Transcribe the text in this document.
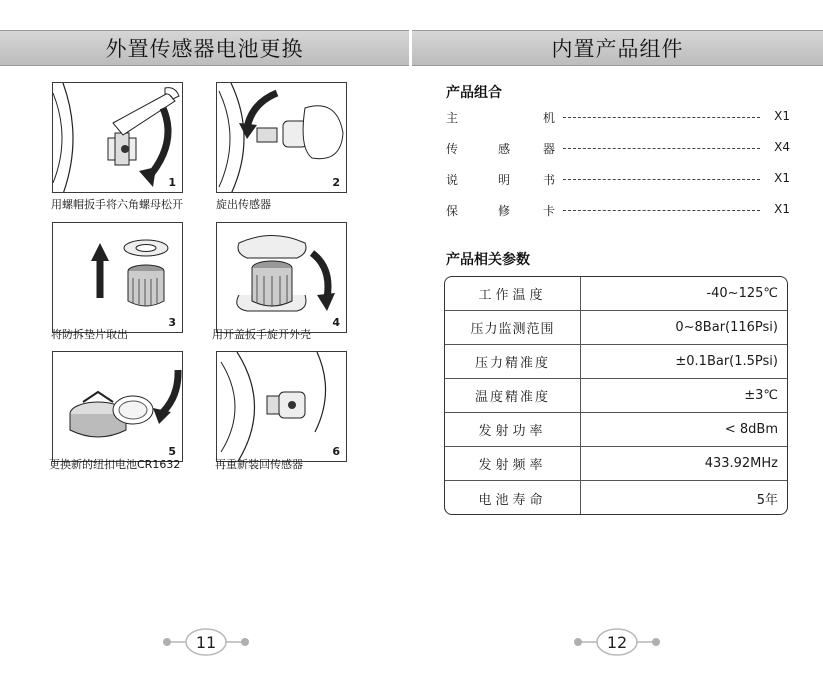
外置传感器电池更换
1
用螺帽扳手将六角螺母松开
2
旋出传感器
3
将防拆垫片取出
4
用开盖扳手旋开外壳
5
更换新的纽扣电池CR1632
6
再重新装回传感器
11
内置产品组件
产品组合
主	机	X1
传	感	器	X4
说	明	书	X1
保	修	卡	X1
产品相关参数
工作温度	-40~125℃
压力监测范围	0~8Bar(116Psi)
压力精准度	±0.1Bar(1.5Psi)
温度精准度	±3℃
发射功率	< 8dBm
发射频率	433.92MHz
电池寿命	5年
12
